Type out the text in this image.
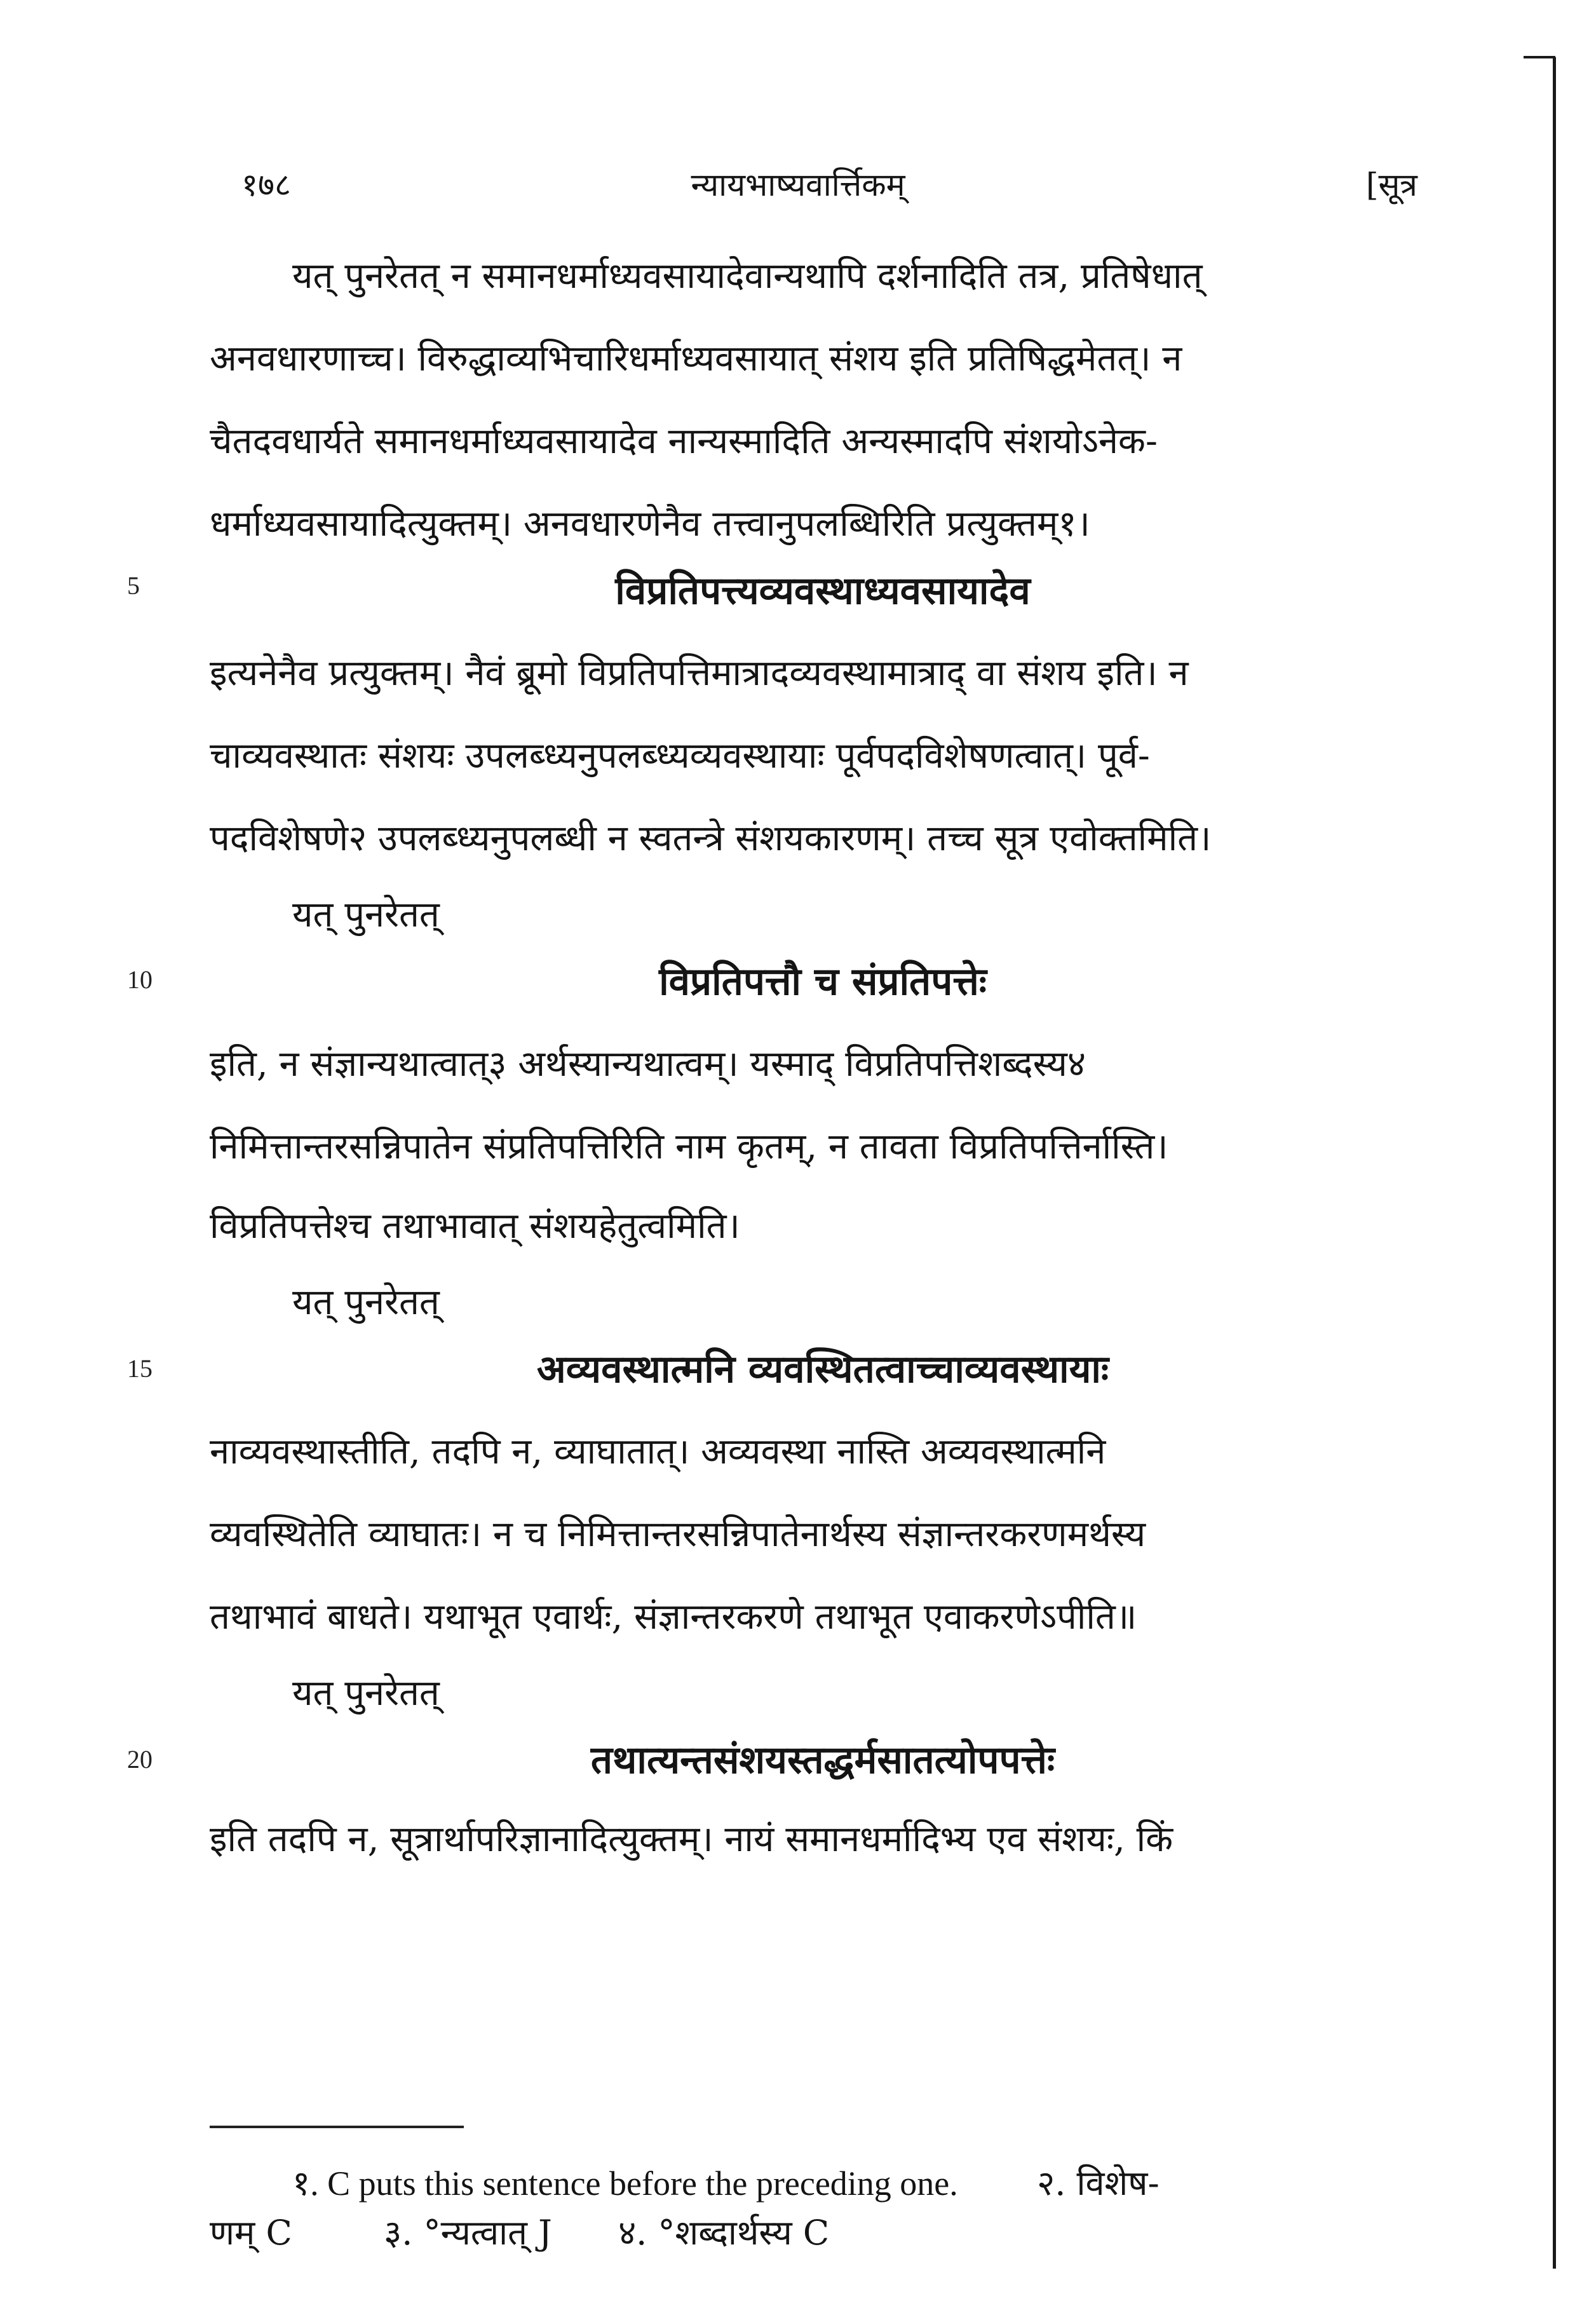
१७८	न्यायभाष्यवार्त्तिकम्	[सूत्र
यत् पुनरेतत् न समानधर्माध्यवसायादेवान्यथापि दर्शनादिति तत्र, प्रतिषेधात्
अनवधारणाच्च। विरुद्धाव्यभिचारिधर्माध्यवसायात् संशय इति प्रतिषिद्धमेतत्। न
चैतदवधार्यते समानधर्माध्यवसायादेव नान्यस्मादिति अन्यस्मादपि संशयोऽनेक-
धर्माध्यवसायादित्युक्तम्। अनवधारणेनैव तत्त्वानुपलब्धिरिति प्रत्युक्तम्१।
5	विप्रतिपत्त्यव्यवस्थाध्यवसायादेव
इत्यनेनैव प्रत्युक्तम्। नैवं ब्रूमो विप्रतिपत्तिमात्रादव्यवस्थामात्राद् वा संशय इति। न
चाव्यवस्थातः संशयः उपलब्ध्यनुपलब्ध्यव्यवस्थायाः पूर्वपदविशेषणत्वात्। पूर्व-
पदविशेषणे२ उपलब्ध्यनुपलब्धी न स्वतन्त्रे संशयकारणम्। तच्च सूत्र एवोक्तमिति।
यत् पुनरेतत्
10	विप्रतिपत्तौ च संप्रतिपत्तेः
इति, न संज्ञान्यथात्वात्३ अर्थस्यान्यथात्वम्। यस्माद् विप्रतिपत्तिशब्दस्य४
निमित्तान्तरसन्निपातेन संप्रतिपत्तिरिति नाम कृतम्, न तावता विप्रतिपत्तिर्नास्ति।
विप्रतिपत्तेश्च तथाभावात् संशयहेतुत्वमिति।
यत् पुनरेतत्
15	अव्यवस्थात्मनि व्यवस्थितत्वाच्चाव्यवस्थायाः
नाव्यवस्थास्तीति, तदपि न, व्याघातात्। अव्यवस्था नास्ति अव्यवस्थात्मनि
व्यवस्थितेति व्याघातः। न च निमित्तान्तरसन्निपातेनार्थस्य संज्ञान्तरकरणमर्थस्य
तथाभावं बाधते। यथाभूत एवार्थः, संज्ञान्तरकरणे तथाभूत एवाकरणेऽपीति॥
यत् पुनरेतत्
20	तथात्यन्तसंशयस्तद्धर्मसातत्योपपत्तेः
इति तदपि न, सूत्रार्थापरिज्ञानादित्युक्तम्। नायं समानधर्मादिभ्य एव संशयः, किं
१. C puts this sentence before the preceding one. २. विशेष-
णम् C	३. °न्यत्वात् J ४. °शब्दार्थस्य C
